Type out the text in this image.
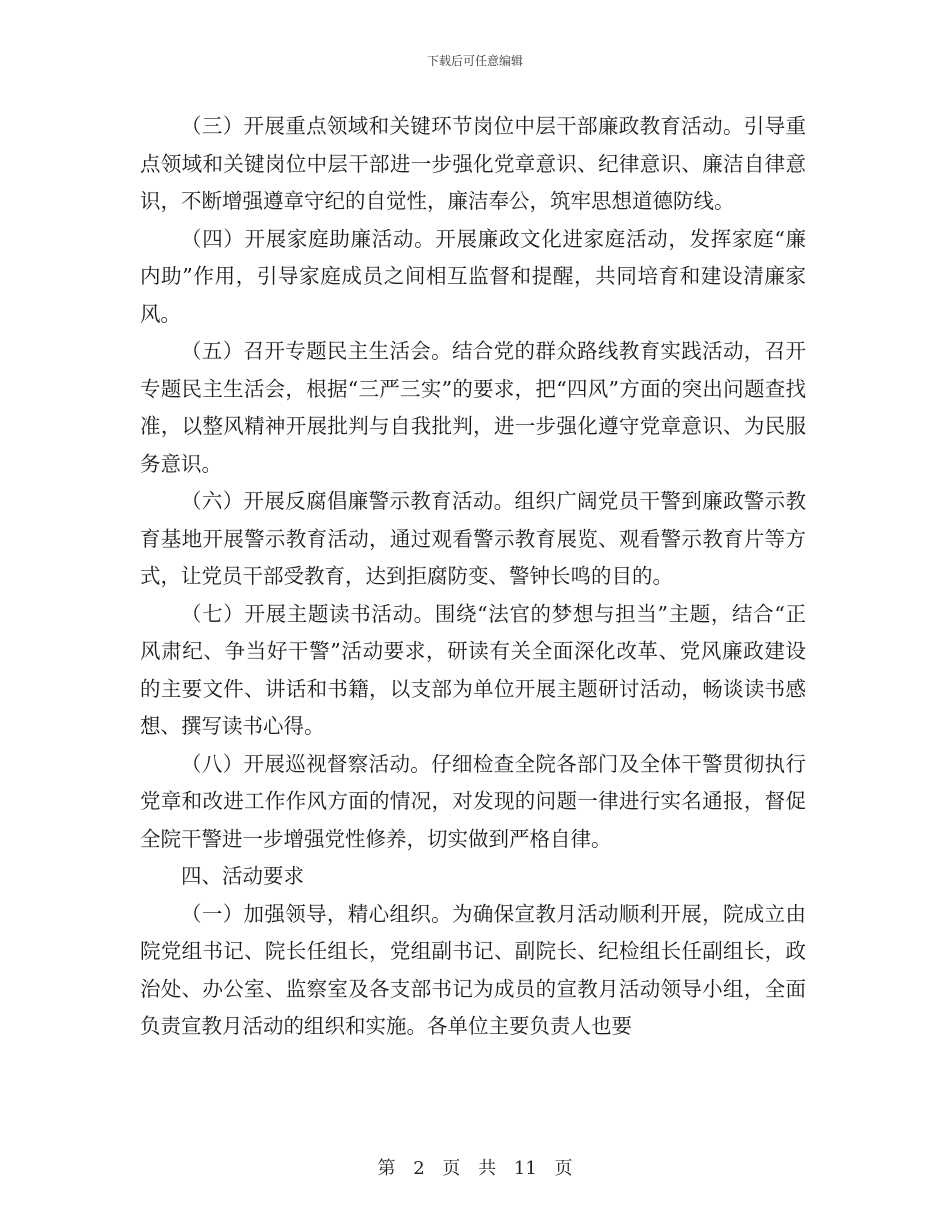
下载后可任意编辑

（三）开展重点领域和关键环节岗位中层干部廉政教育活动。引导重点领域和关键岗位中层干部进一步强化党章意识、纪律意识、廉洁自律意识，不断增强遵章守纪的自觉性，廉洁奉公，筑牢思想道德防线。

（四）开展家庭助廉活动。开展廉政文化进家庭活动，发挥家庭“廉内助”作用，引导家庭成员之间相互监督和提醒，共同培育和建设清廉家风。

（五）召开专题民主生活会。结合党的群众路线教育实践活动，召开专题民主生活会，根据“三严三实”的要求，把“四风”方面的突出问题查找准，以整风精神开展批判与自我批判，进一步强化遵守党章意识、为民服务意识。

（六）开展反腐倡廉警示教育活动。组织广阔党员干警到廉政警示教育基地开展警示教育活动，通过观看警示教育展览、观看警示教育片等方式，让党员干部受教育，达到拒腐防变、警钟长鸣的目的。

（七）开展主题读书活动。围绕“法官的梦想与担当”主题，结合“正风肃纪、争当好干警”活动要求，研读有关全面深化改革、党风廉政建设的主要文件、讲话和书籍，以支部为单位开展主题研讨活动，畅谈读书感想、撰写读书心得。

（八）开展巡视督察活动。仔细检查全院各部门及全体干警贯彻执行党章和改进工作作风方面的情况，对发现的问题一律进行实名通报，督促全院干警进一步增强党性修养，切实做到严格自律。

四、活动要求

（一）加强领导，精心组织。为确保宣教月活动顺利开展，院成立由院党组书记、院长任组长，党组副书记、副院长、纪检组长任副组长，政治处、办公室、监察室及各支部书记为成员的宣教月活动领导小组，全面负责宣教月活动的组织和实施。各单位主要负责人也要

第 2 页 共 11 页
